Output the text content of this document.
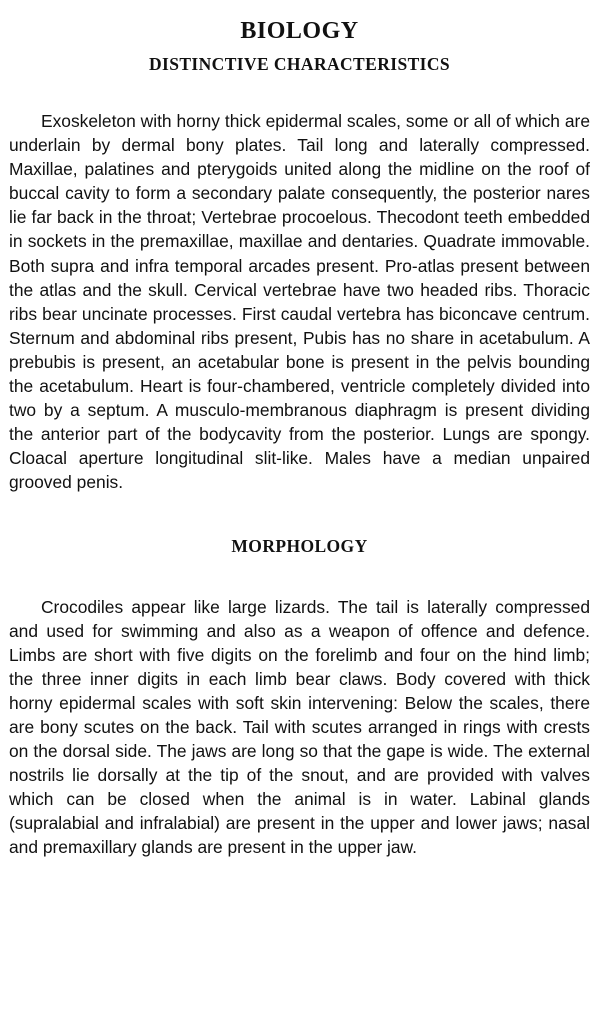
BIOLOGY
DISTINCTIVE CHARACTERISTICS

Exoskeleton with horny thick epidermal scales, some or all of which are underlain by dermal bony plates. Tail long and laterally compressed. Maxillae, palatines and pterygoids united along the midline on the roof of buccal cavity to form a secondary palate consequently, the posterior nares lie far back in the throat; Vertebrae procoelous. Thecodont teeth embedded in sockets in the premaxillae, maxillae and dentaries. Quadrate immovable. Both supra and infra temporal arcades present. Pro-atlas present between the atlas and the skull. Cervical vertebrae have two headed ribs. Thoracic ribs bear uncinate processes. First caudal vertebra has biconcave centrum. Sternum and abdominal ribs present, Pubis has no share in acetabulum. A prebubis is present, an acetabular bone is present in the pelvis bounding the acetabulum. Heart is four-chambered, ventricle completely divided into two by a septum. A musculo-membranous diaphragm is present dividing the anterior part of the bodycavity from the posterior. Lungs are spongy. Cloacal aperture longitudinal slit-like. Males have a median unpaired grooved penis.

MORPHOLOGY

Crocodiles appear like large lizards. The tail is laterally compressed and used for swimming and also as a weapon of offence and defence. Limbs are short with five digits on the forelimb and four on the hind limb; the three inner digits in each limb bear claws. Body covered with thick horny epidermal scales with soft skin intervening: Below the scales, there are bony scutes on the back. Tail with scutes arranged in rings with crests on the dorsal side. The jaws are long so that the gape is wide. The external nostrils lie dorsally at the tip of the snout, and are provided with valves which can be closed when the animal is in water. Labinal glands (supralabial and infralabial) are present in the upper and lower jaws; nasal and premaxillary glands are present in the upper jaw.
